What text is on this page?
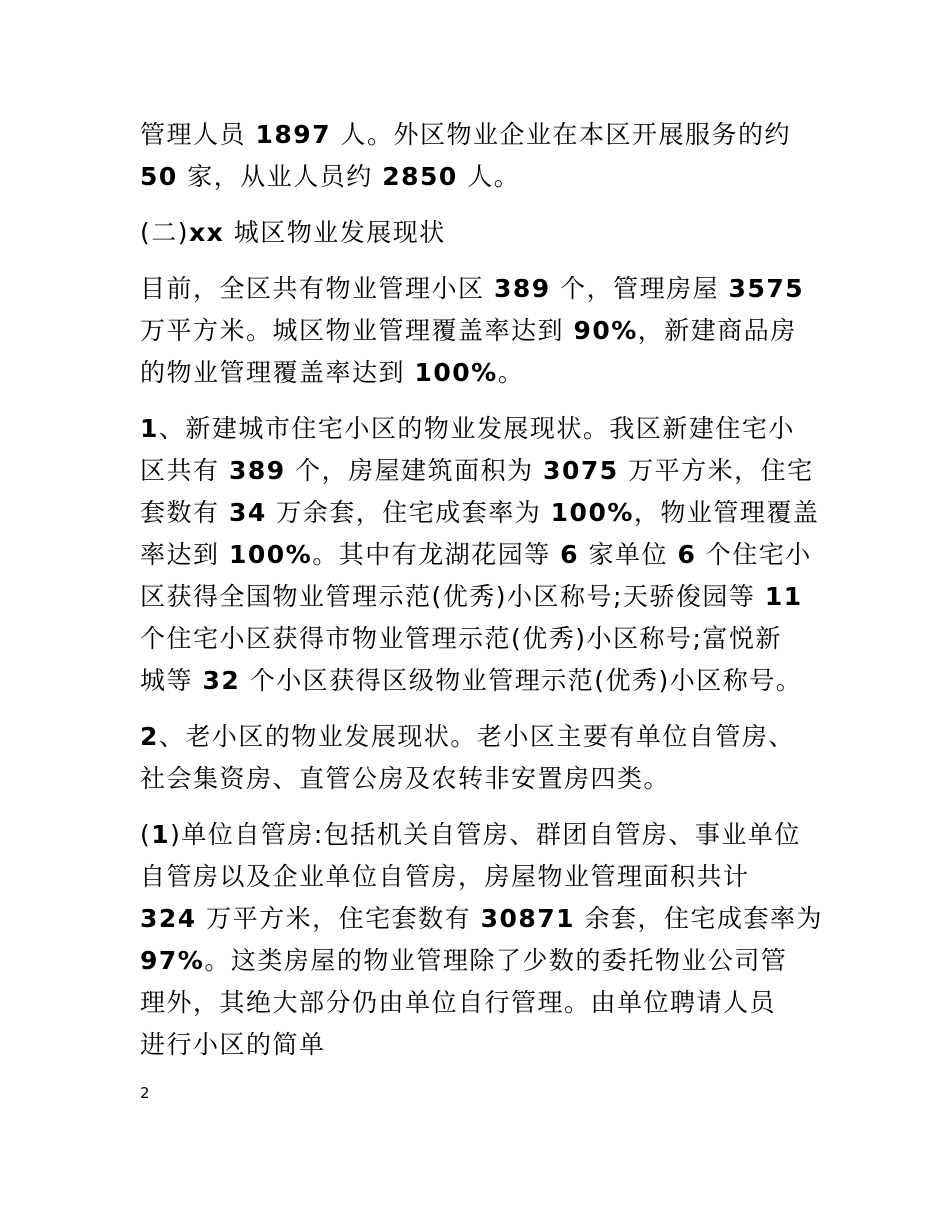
管理人员 1897 人。外区物业企业在本区开展服务的约
50 家，从业人员约 2850 人。

(二)xx 城区物业发展现状

目前，全区共有物业管理小区 389 个，管理房屋 3575
万平方米。城区物业管理覆盖率达到 90%，新建商品房
的物业管理覆盖率达到 100%。

1、新建城市住宅小区的物业发展现状。我区新建住宅小
区共有 389 个，房屋建筑面积为 3075 万平方米，住宅
套数有 34 万余套，住宅成套率为 100%，物业管理覆盖
率达到 100%。其中有龙湖花园等 6 家单位 6 个住宅小
区获得全国物业管理示范(优秀)小区称号;天骄俊园等 11
个住宅小区获得市物业管理示范(优秀)小区称号;富悦新
城等 32 个小区获得区级物业管理示范(优秀)小区称号。

2、老小区的物业发展现状。老小区主要有单位自管房、
社会集资房、直管公房及农转非安置房四类。

(1)单位自管房:包括机关自管房、群团自管房、事业单位
自管房以及企业单位自管房，房屋物业管理面积共计
324 万平方米，住宅套数有 30871 余套，住宅成套率为
97%。这类房屋的物业管理除了少数的委托物业公司管
理外，其绝大部分仍由单位自行管理。由单位聘请人员
进行小区的简单

2
